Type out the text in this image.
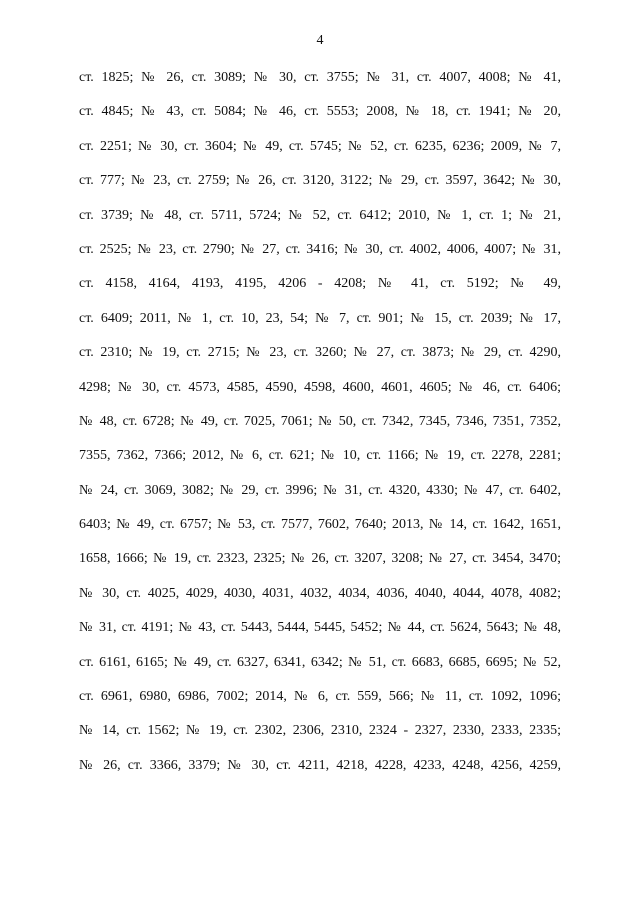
4
ст. 1825; № 26, ст. 3089; № 30, ст. 3755; № 31, ст. 4007, 4008; № 41,
ст. 4845; № 43, ст. 5084; № 46, ст. 5553; 2008, № 18, ст. 1941; № 20,
ст. 2251; № 30, ст. 3604; № 49, ст. 5745; № 52, ст. 6235, 6236; 2009, № 7,
ст. 777; № 23, ст. 2759; № 26, ст. 3120, 3122; № 29, ст. 3597, 3642; № 30,
ст. 3739; № 48, ст. 5711, 5724; № 52, ст. 6412; 2010, № 1, ст. 1; № 21,
ст. 2525; № 23, ст. 2790; № 27, ст. 3416; № 30, ст. 4002, 4006, 4007; № 31,
ст. 4158, 4164, 4193, 4195, 4206 - 4208; № 41, ст. 5192; № 49,
ст. 6409; 2011, № 1, ст. 10, 23, 54; № 7, ст. 901; № 15, ст. 2039; № 17,
ст. 2310; № 19, ст. 2715; № 23, ст. 3260; № 27, ст. 3873; № 29, ст. 4290,
4298; № 30, ст. 4573, 4585, 4590, 4598, 4600, 4601, 4605; № 46, ст. 6406;
№ 48, ст. 6728; № 49, ст. 7025, 7061; № 50, ст. 7342, 7345, 7346, 7351, 7352,
7355, 7362, 7366; 2012, № 6, ст. 621; № 10, ст. 1166; № 19, ст. 2278, 2281;
№ 24, ст. 3069, 3082; № 29, ст. 3996; № 31, ст. 4320, 4330; № 47, ст. 6402,
6403; № 49, ст. 6757; № 53, ст. 7577, 7602, 7640; 2013, № 14, ст. 1642, 1651,
1658, 1666; № 19, ст. 2323, 2325; № 26, ст. 3207, 3208; № 27, ст. 3454, 3470;
№ 30, ст. 4025, 4029, 4030, 4031, 4032, 4034, 4036, 4040, 4044, 4078, 4082;
№ 31, ст. 4191; № 43, ст. 5443, 5444, 5445, 5452; № 44, ст. 5624, 5643; № 48,
ст. 6161, 6165; № 49, ст. 6327, 6341, 6342; № 51, ст. 6683, 6685, 6695; № 52,
ст. 6961, 6980, 6986, 7002; 2014, № 6, ст. 559, 566; № 11, ст. 1092, 1096;
№ 14, ст. 1562; № 19, ст. 2302, 2306, 2310, 2324 - 2327, 2330, 2333, 2335;
№ 26, ст. 3366, 3379; № 30, ст. 4211, 4218, 4228, 4233, 4248, 4256, 4259,
